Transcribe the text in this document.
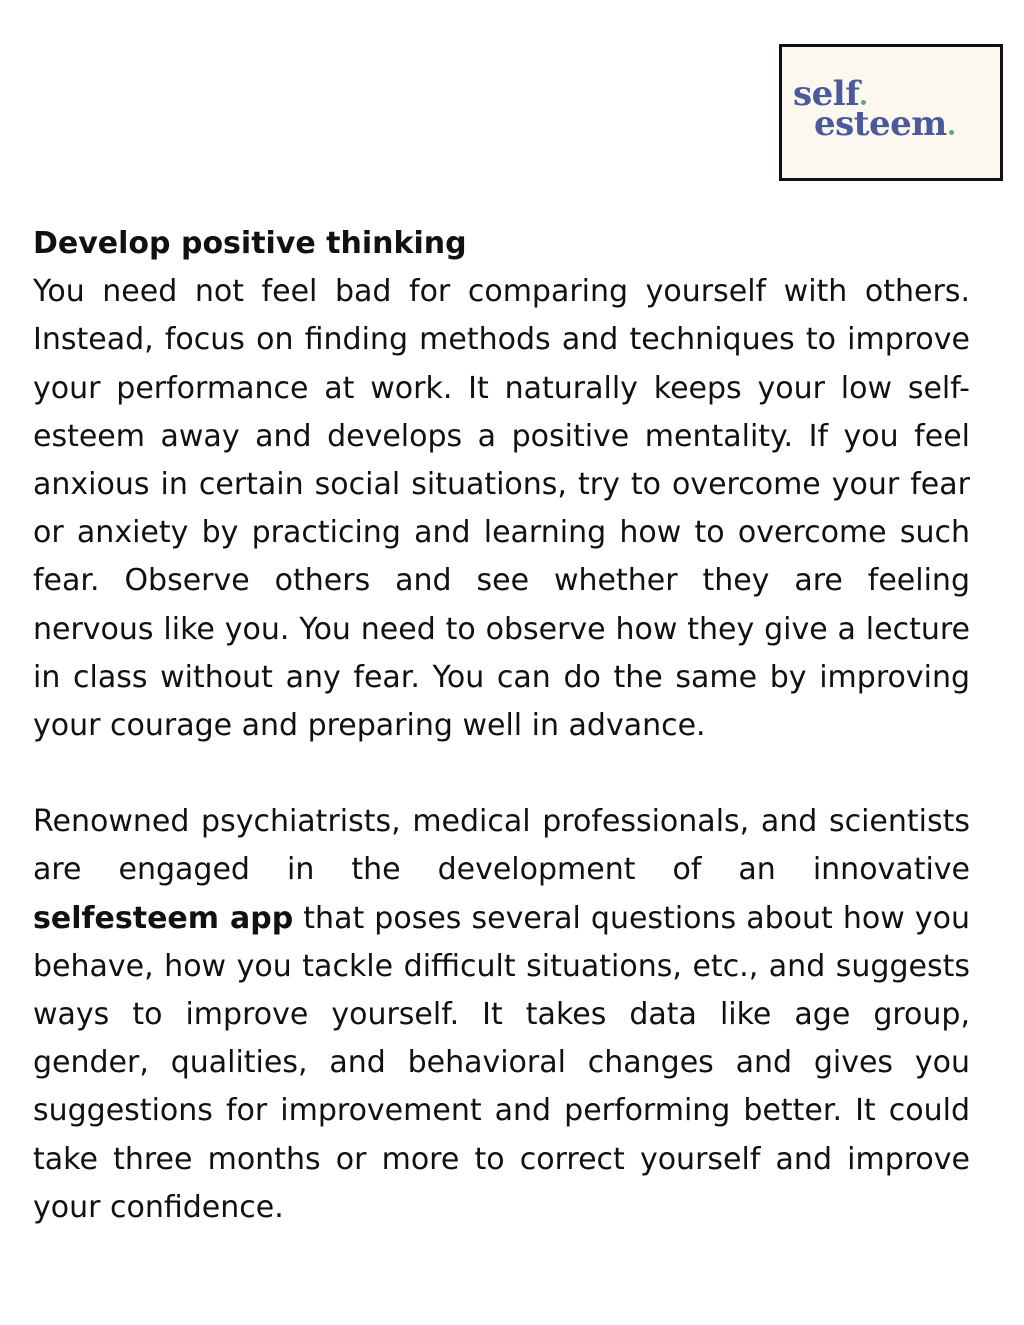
self
esteem
Develop positive thinking

You need not feel bad for comparing yourself with others. Instead, focus on finding methods and techniques to improve your performance at work. It naturally keeps your low self-esteem away and develops a positive mentality. If you feel anxious in certain social situations, try to overcome your fear or anxiety by practicing and learning how to overcome such fear. Observe others and see whether they are feeling nervous like you. You need to observe how they give a lecture in class without any fear. You can do the same by improving your courage and preparing well in advance.

Renowned psychiatrists, medical professionals, and scientists are engaged in the development of an innovative selfesteem app that poses several questions about how you behave, how you tackle difficult situations, etc., and suggests ways to improve yourself. It takes data like age group, gender, qualities, and behavioral changes and gives you suggestions for improvement and performing better. It could take three months or more to correct yourself and improve your confidence.
